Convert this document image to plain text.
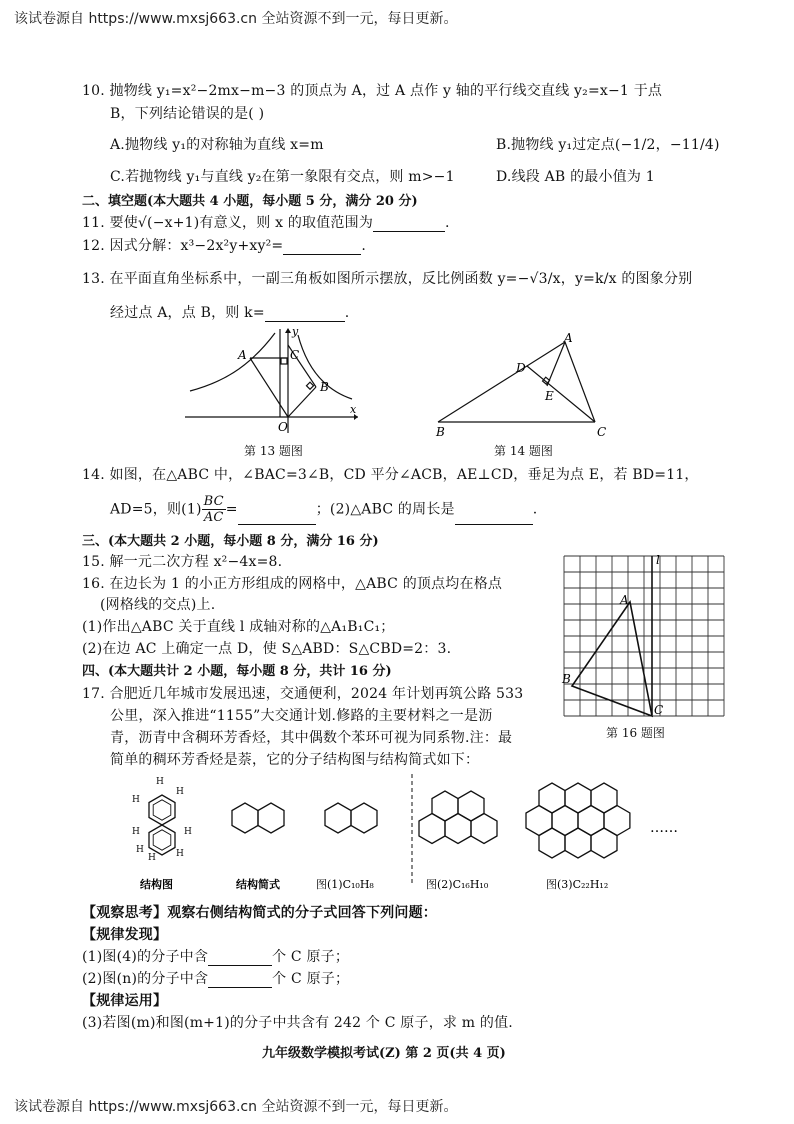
该试卷源自 https://www.mxsj663.cn 全站资源不到一元，每日更新。
10. 抛物线 y₁=x²−2mx−m−3 的顶点为 A，过 A 点作 y 轴的平行线交直线 y₂=x−1 于点
B，下列结论错误的是( )
A.抛物线 y₁的对称轴为直线 x=m	B.抛物线 y₁过定点(−1/2，−11/4)
C.若抛物线 y₁与直线 y₂在第一象限有交点，则 m>−1	D.线段 AB 的最小值为 1
二、填空题(本大题共 4 小题，每小题 5 分，满分 20 分)
11. 要使√(−x+1)有意义，则 x 的取值范围为	.
12. 因式分解：x³−2x²y+xy²=	.
13. 在平面直角坐标系中，一副三角板如图所示摆放，反比例函数 y=−√3/x，y=k/x 的图象分别
经过点 A，点 B，则 k=	.
A	C
B
O
x
y
第 13 题图
A
B	C
D
E
第 14 题图
14. 如图，在△ABC 中，∠BAC=3∠B，CD 平分∠ACB，AE⊥CD，垂足为点 E，若 BD=11，
AD=5，则$(1) \frac{BC}{AC}$ =	；(2)△ABC 的周长是	.
三、(本大题共 2 小题，每小题 8 分，满分 16 分)
15. 解一元二次方程 x²−4x=8.
16. 在边长为 1 的小正方形组成的网格中，△ABC 的顶点均在格点
(网格线的交点)上.
(1)作出△ABC 关于直线 l 成轴对称的△A₁B₁C₁；
(2)在边 AC 上确定一点 D，使 S△ABD：S△CBD=2：3.
四、(本大题共计 2 小题，每小题 8 分，共计 16 分)
l
A
B
C
第 16 题图
17. 合肥近几年城市发展迅速，交通便利，2024 年计划再筑公路 533
公里，深入推进“1155”大交通计划.修路的主要材料之一是沥
青，沥青中含稠环芳香烃，其中偶数个苯环可视为同系物.注：最
简单的稠环芳香烃是萘，它的分子结构图与结构简式如下：
H
H
H
H
H
H
H
H
……
结构图	结构简式	图(1)C₁₀H₈	图(2)C₁₆H₁₀	图(3)C₂₂H₁₂
【观察思考】观察右侧结构简式的分子式回答下列问题：
【规律发现】
(1)图(4)的分子中含	个 C 原子；
(2)图(n)的分子中含	个 C 原子；
【规律运用】
(3)若图(m)和图(m+1)的分子中共含有 242 个 C 原子，求 m 的值.
九年级数学模拟考试(Z) 第 2 页(共 4 页)
该试卷源自 https://www.mxsj663.cn 全站资源不到一元，每日更新。
